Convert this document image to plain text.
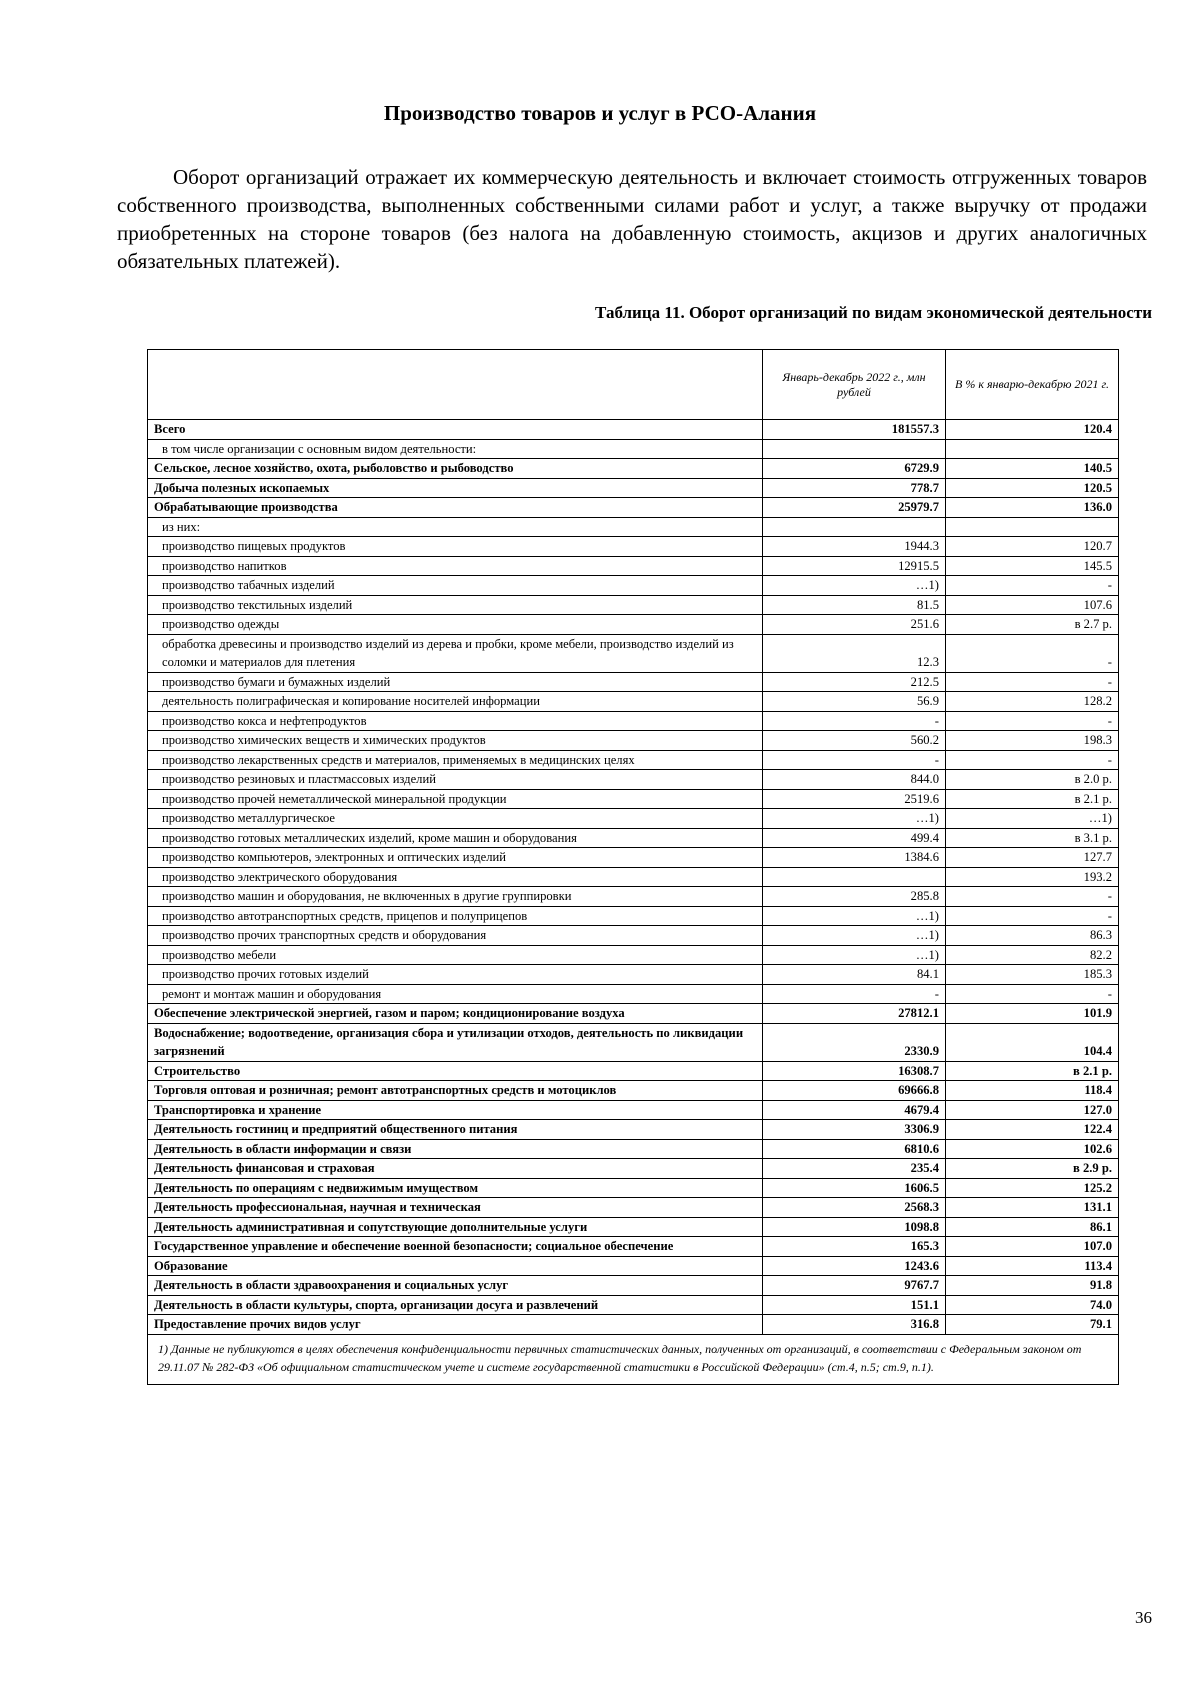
Производство товаров и услуг в РСО-Алания

Оборот организаций отражает их коммерческую деятельность и включает стоимость отгруженных товаров собственного производства, выполненных собственными силами работ и услуг, а также выручку от продажи приобретенных на стороне товаров (без налога на добавленную стоимость, акцизов и других аналогичных обязательных платежей).

Таблица 11. Оборот организаций по видам экономической деятельности
	Январь-декабрь 2022 г., млн рублей	В % к январю-декабрю 2021 г.
Всего	181557.3	120.4
в том числе организации с основным видом деятельности:		
Сельское, лесное хозяйство, охота, рыболовство и рыбоводство	6729.9	140.5
Добыча полезных ископаемых	778.7	120.5
Обрабатывающие производства	25979.7	136.0
из них:		
производство пищевых продуктов	1944.3	120.7
производство напитков	12915.5	145.5
производство табачных изделий	…1)	-
производство текстильных изделий	81.5	107.6
производство одежды	251.6	в 2.7 р.
обработка древесины и производство изделий из дерева и пробки, кроме мебели, производство изделий из соломки и материалов для плетения	12.3	-
производство бумаги и бумажных изделий	212.5	-
деятельность полиграфическая и копирование носителей информации	56.9	128.2
производство кокса и нефтепродуктов	-	-
производство химических веществ и химических продуктов	560.2	198.3
производство лекарственных средств и материалов, применяемых в медицинских целях	-	-
производство резиновых и пластмассовых изделий	844.0	в 2.0 р.
производство прочей неметаллической минеральной продукции	2519.6	в 2.1 р.
производство металлургическое	…1)	…1)
производство готовых металлических изделий, кроме машин и оборудования	499.4	в 3.1 р.
производство компьютеров, электронных и оптических изделий	1384.6	127.7
производство электрического оборудования		193.2
производство машин и оборудования, не включенных в другие группировки	285.8	-
производство автотранспортных средств, прицепов и полуприцепов	…1)	-
производство прочих транспортных средств и оборудования	…1)	86.3
производство мебели	…1)	82.2
производство прочих готовых изделий	84.1	185.3
ремонт и монтаж машин и оборудования	-	-
Обеспечение электрической энергией, газом и паром; кондиционирование воздуха	27812.1	101.9
Водоснабжение; водоотведение, организация сбора и утилизации отходов, деятельность по ликвидации загрязнений	2330.9	104.4
Строительство	16308.7	в 2.1 р.
Торговля оптовая и розничная; ремонт автотранспортных средств и мотоциклов	69666.8	118.4
Транспортировка и хранение	4679.4	127.0
Деятельность гостиниц и предприятий общественного питания	3306.9	122.4
Деятельность в области информации и связи	6810.6	102.6
Деятельность финансовая и страховая	235.4	в 2.9 р.
Деятельность по операциям с недвижимым имуществом	1606.5	125.2
Деятельность профессиональная, научная и техническая	2568.3	131.1
Деятельность административная и сопутствующие дополнительные услуги	1098.8	86.1
Государственное управление и обеспечение военной безопасности; социальное обеспечение	165.3	107.0
Образование	1243.6	113.4
Деятельность в области здравоохранения и социальных услуг	9767.7	91.8
Деятельность в области культуры, спорта, организации досуга и развлечений	151.1	74.0
Предоставление прочих видов услуг	316.8	79.1
1) Данные не публикуются в целях обеспечения конфиденциальности первичных статистических данных, полученных от организаций, в соответствии с Федеральным законом от 29.11.07 № 282-ФЗ «Об официальном статистическом учете и системе государственной статистики в Российской Федерации» (ст.4, п.5; ст.9, п.1).		
36
